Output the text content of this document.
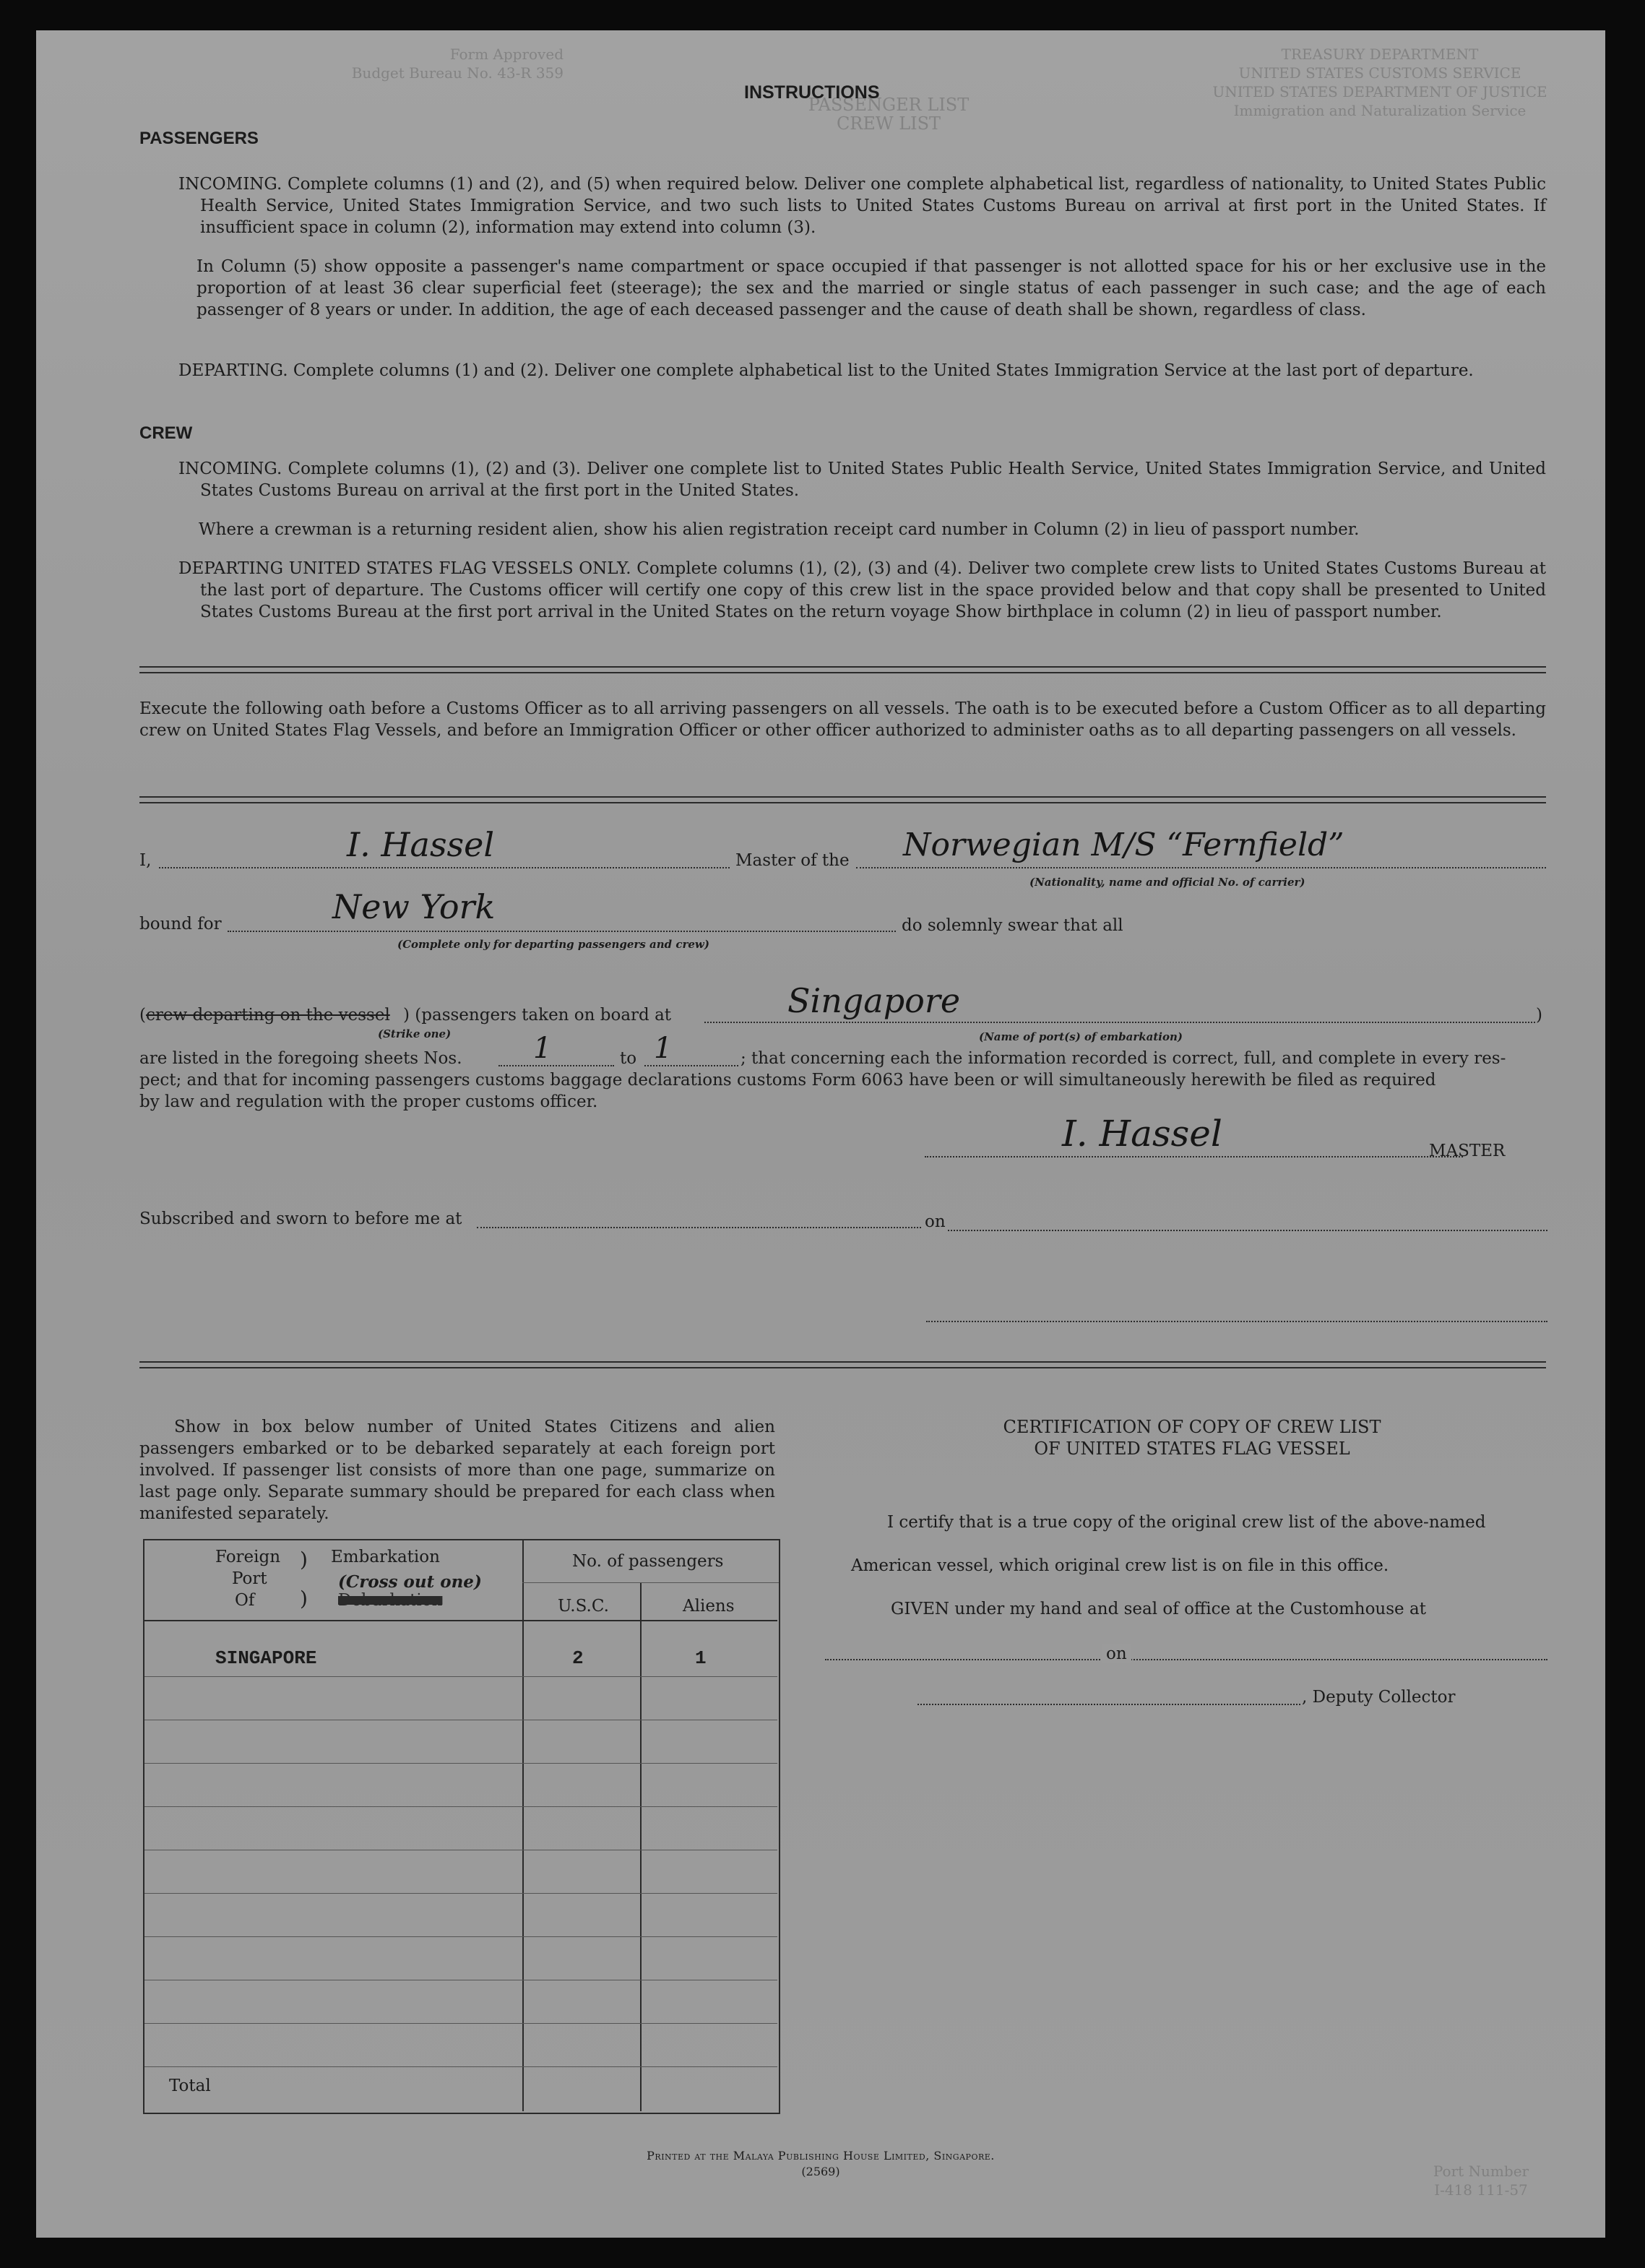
Form Approved
Budget Bureau No. 43-R 359
TREASURY DEPARTMENT
UNITED STATES CUSTOMS SERVICE
UNITED STATES DEPARTMENT OF JUSTICE
Immigration and Naturalization Service
PASSENGER LIST
CREW LIST
Port Number
I-418 111-57
INSTRUCTIONS
PASSENGERS
INCOMING. Complete columns (1) and (2), and (5) when required below. Deliver one complete alphabetical list, regardless of nationality, to United States Public Health Service, United States Immigration Service, and two such lists to United States Customs Bureau on arrival at first port in the United States. If insufficient space in column (2), information may extend into column (3).
In Column (5) show opposite a passenger's name compartment or space occupied if that passenger is not allotted space for his or her exclusive use in the proportion of at least 36 clear superficial feet (steerage); the sex and the married or single status of each passenger in such case; and the age of each passenger of 8 years or under. In addition, the age of each deceased passenger and the cause of death shall be shown, regardless of class.
DEPARTING. Complete columns (1) and (2). Deliver one complete alphabetical list to the United States Immigration Service at the last port of departure.
CREW
INCOMING. Complete columns (1), (2) and (3). Deliver one complete list to United States Public Health Service, United States Immigration Service, and United States Customs Bureau on arrival at the first port in the United States.
Where a crewman is a returning resident alien, show his alien registration receipt card number in Column (2) in lieu of passport number.
DEPARTING UNITED STATES FLAG VESSELS ONLY. Complete columns (1), (2), (3) and (4). Deliver two complete crew lists to United States Customs Bureau at the last port of departure. The Customs officer will certify one copy of this crew list in the space provided below and that copy shall be presented to United States Customs Bureau at the first port arrival in the United States on the return voyage Show birthplace in column (2) in lieu of passport number.
Execute the following oath before a Customs Officer as to all arriving passengers on all vessels. The oath is to be executed before a Custom Officer as to all departing crew on United States Flag Vessels, and before an Immigration Officer or other officer authorized to administer oaths as to all departing passengers on all vessels.
I,	I. Hassel	Master of the Norwegian M/S “Fernfield”
(Nationality, name and official No. of carrier)
bound for	New York
(Complete only for departing passengers and crew)
do solemnly swear that all
(crew departing on the vessel ) (passengers taken on board at	Singapore	)
(Strike one)	(Name of port(s) of embarkation)
are listed in the foregoing sheets Nos. 1	to 1	; that concerning each the information recorded is correct, full, and complete in every res-
pect; and that for incoming passengers customs baggage declarations customs Form 6063 have been or will simultaneously herewith be filed as required
by law and regulation with the proper customs officer.
I. Hassel	MASTER
Subscribed and sworn to before me at	on
Show in box below number of United States Citizens and alien passengers embarked or to be debarked separately at each foreign port involved. If passenger list consists of more than one page, summarize on last page only. Separate summary should be prepared for each class when manifested separately.
Foreign
Port
Of
)
)
Embarkation
(Cross out one)
Debarkation
No. of passengers
U.S.C.	Aliens
SINGAPORE	2	1
Total
CERTIFICATION OF COPY OF CREW LIST
OF UNITED STATES FLAG VESSEL
I certify that is a true copy of the original crew list of the above-named
American vessel, which original crew list is on file in this office.
GIVEN under my hand and seal of office at the Customhouse at
on
, Deputy Collector
Printed at the Malaya Publishing House Limited, Singapore.
(2569)
